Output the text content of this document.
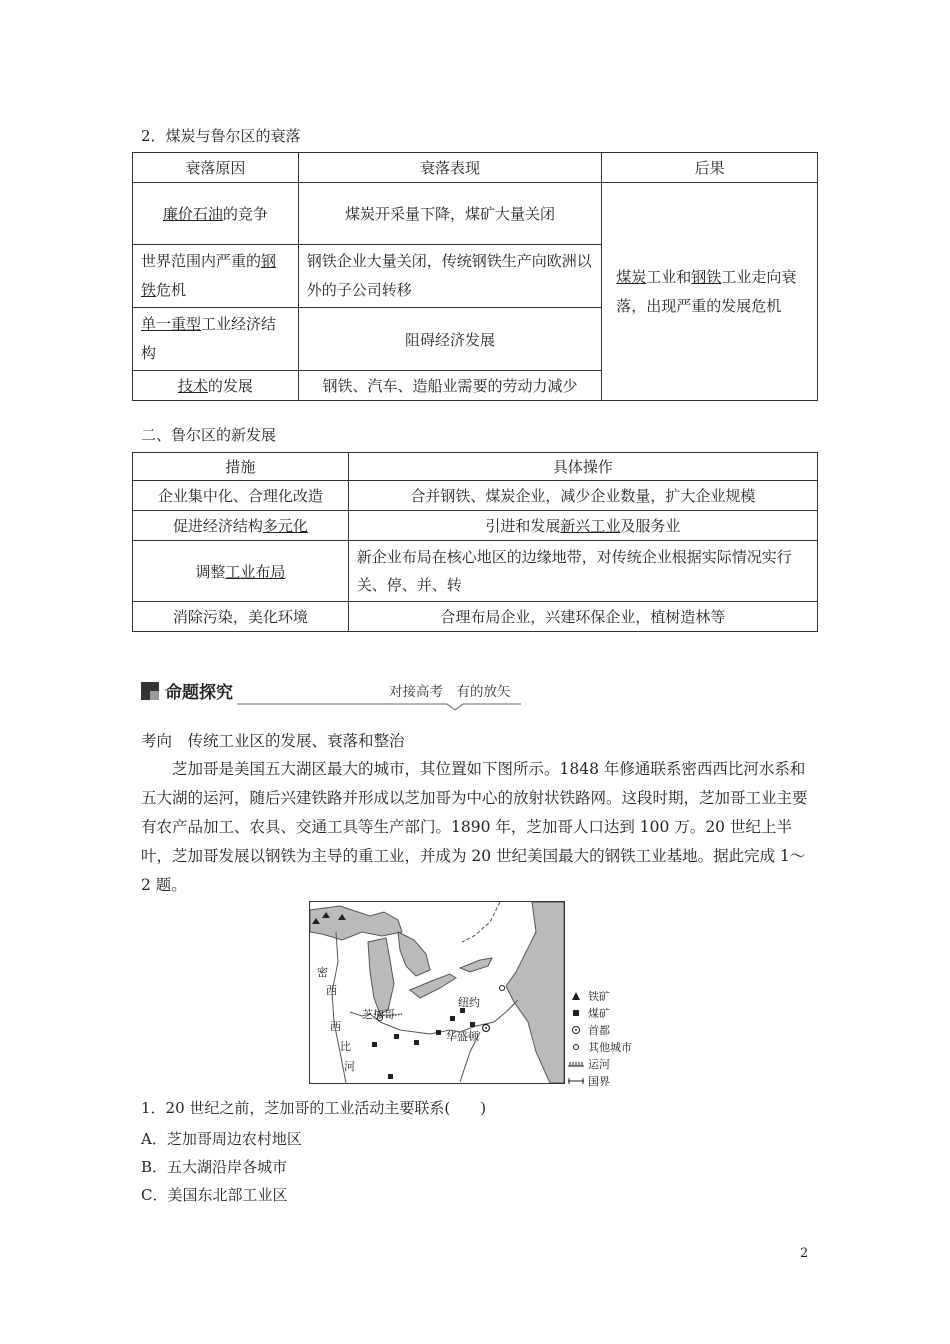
2．煤炭与鲁尔区的衰落
衰落原因	衰落表现	后果
廉价石油的竞争	煤炭开采量下降，煤矿大量关闭	煤炭工业和钢铁工业走向衰落，出现严重的发展危机
世界范围内严重的钢铁危机	钢铁企业大量关闭，传统钢铁生产向欧洲以外的子公司转移	
单一重型工业经济结构	阻碍经济发展	
技术的发展	钢铁、汽车、造船业需要的劳动力减少	
二、鲁尔区的新发展
措施	具体操作
企业集中化、合理化改造	合并钢铁、煤炭企业，减少企业数量，扩大企业规模
促进经济结构多元化	引进和发展新兴工业及服务业
调整工业布局	新企业布局在核心地区的边缘地带，对传统企业根据实际情况实行关、停、并、转
消除污染，美化环境	合理布局企业，兴建环保企业，植树造林等
命题探究	对接高考　有的放矢
考向　传统工业区的发展、衰落和整治
芝加哥是美国五大湖区最大的城市，其位置如下图所示。1848 年修通联系密西西比河水系和五大湖的运河，随后兴建铁路并形成以芝加哥为中心的放射状铁路网。这段时期，芝加哥工业主要有农产品加工、农具、交通工具等生产部门。1890 年，芝加哥人口达到 100 万。20 世纪上半叶，芝加哥发展以钢铁为主导的重工业，并成为 20 世纪美国最大的钢铁工业基地。据此完成 1～2 题。
密
西
西
比
河
芝加哥
纽约
华盛顿
铁矿
煤矿
首都
其他城市
运河
国界
1．20 世纪之前，芝加哥的工业活动主要联系(　　)
A．芝加哥周边农村地区
B．五大湖沿岸各城市
C．美国东北部工业区
2
